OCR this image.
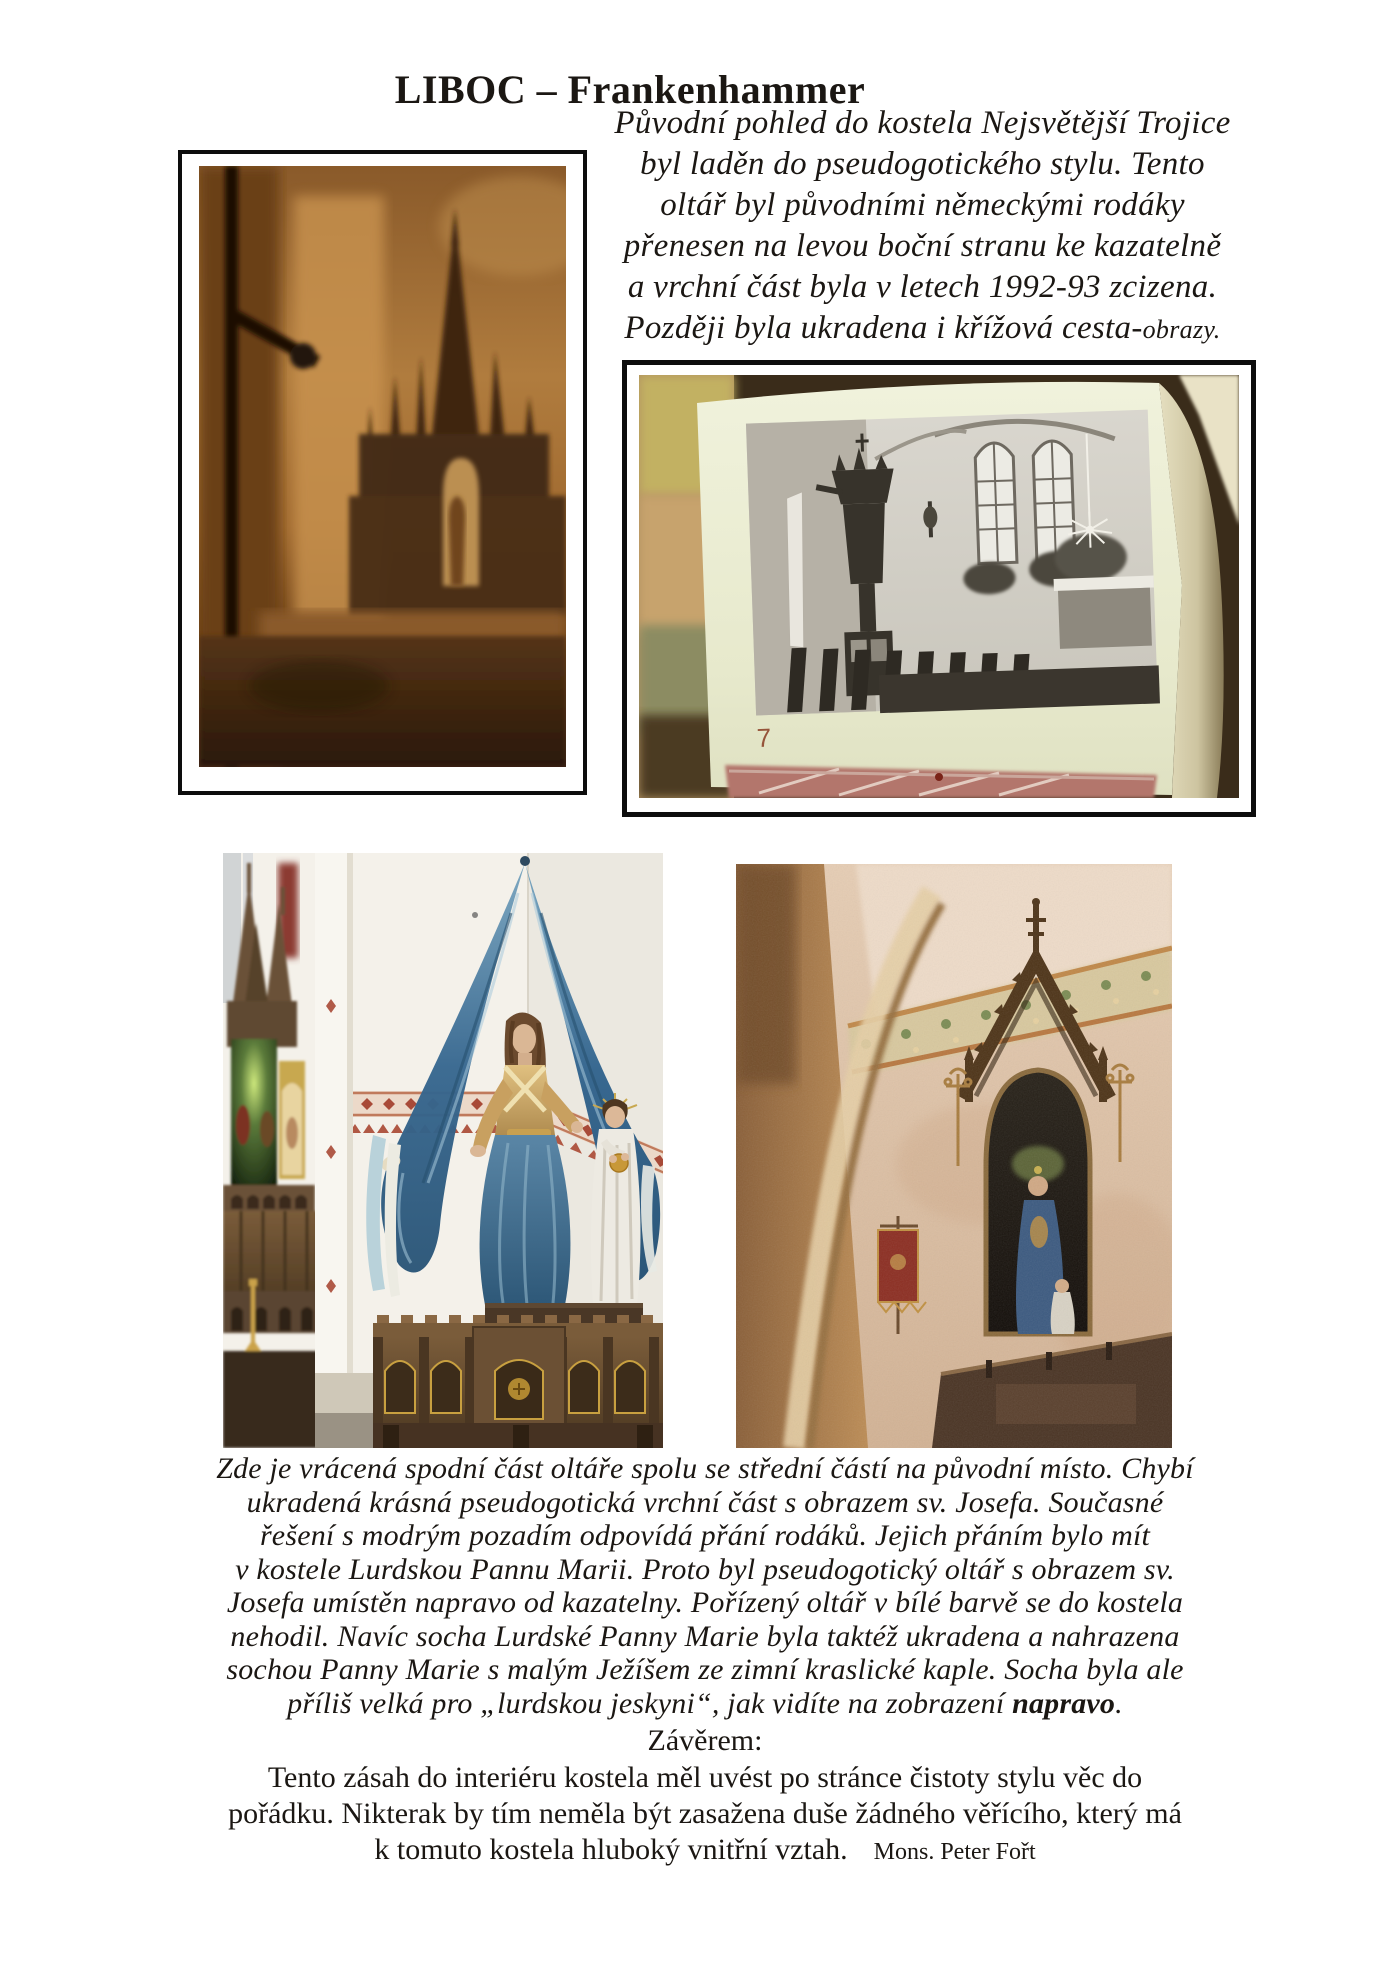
LIBOC – Frankenhammer
Původní pohled do kostela Nejsvětější Trojice
byl laděn do pseudogotického stylu. Tento
oltář byl původními německými rodáky
přenesen na levou boční stranu ke kazatelně
a vrchní část byla v letech 1992-93 zcizena.
Později byla ukradena i křížová cesta-obrazy.
7
Zde je vrácená spodní část oltáře spolu se střední částí na původní místo. Chybí
ukradená krásná pseudogotická vrchní část s obrazem sv. Josefa. Současné
řešení s modrým pozadím odpovídá přání rodáků. Jejich přáním bylo mít
v kostele Lurdskou Pannu Marii. Proto byl pseudogotický oltář s obrazem sv.
Josefa umístěn napravo od kazatelny. Pořízený oltář v bílé barvě se do kostela
nehodil. Navíc socha Lurdské Panny Marie byla taktéž ukradena a nahrazena
sochou Panny Marie s malým Ježíšem ze zimní kraslické kaple. Socha byla ale
příliš velká pro „lurdskou jeskyni“, jak vidíte na zobrazení napravo.
Závěrem:
Tento zásah do interiéru kostela měl uvést po stránce čistoty stylu věc do
pořádku. Nikterak by tím neměla být zasažena duše žádného věřícího, který má
k tomuto kostela hluboký vnitřní vztah. Mons. Peter Fořt
